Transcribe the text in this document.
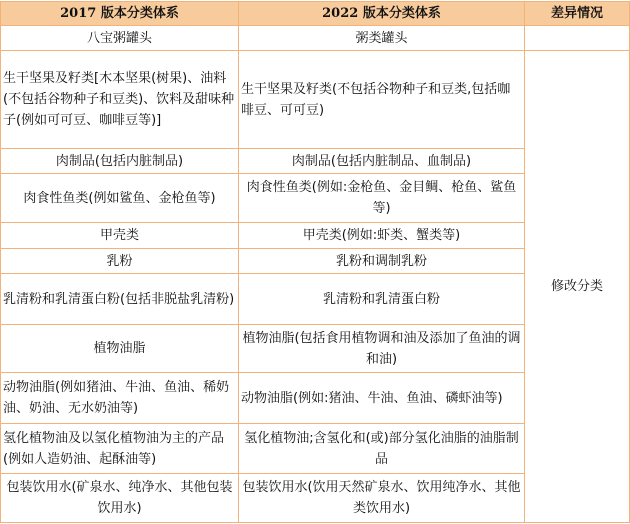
2017 版本分类体系	2022 版本分类体系	差异情况
八宝粥罐头	粥类罐头	
生干坚果及籽类[木本坚果(树果)、油料(不包括谷物种子和豆类)、饮料及甜味种子(例如可可豆、咖啡豆等)]	生干坚果及籽类(不包括谷物种子和豆类,包括咖啡豆、可可豆)	修改分类
肉制品(包括内脏制品)	肉制品(包括内脏制品、血制品)	
肉食性鱼类(例如鲨鱼、金枪鱼等)	肉食性鱼类(例如:金枪鱼、金目鲷、枪鱼、鲨鱼等)	
甲壳类	甲壳类(例如:虾类、蟹类等)	
乳粉	乳粉和调制乳粉	
乳清粉和乳清蛋白粉(包括非脱盐乳清粉)	乳清粉和乳清蛋白粉	
植物油脂	植物油脂(包括食用植物调和油及添加了鱼油的调和油)	
动物油脂(例如猪油、牛油、鱼油、稀奶油、奶油、无水奶油等)	动物油脂(例如:猪油、牛油、鱼油、磷虾油等)	
氢化植物油及以氢化植物油为主的产品(例如人造奶油、起酥油等)	氢化植物油;含氢化和(或)部分氢化油脂的油脂制品	
包装饮用水(矿泉水、纯净水、其他包装饮用水)	包装饮用水(饮用天然矿泉水、饮用纯净水、其他类饮用水)	
